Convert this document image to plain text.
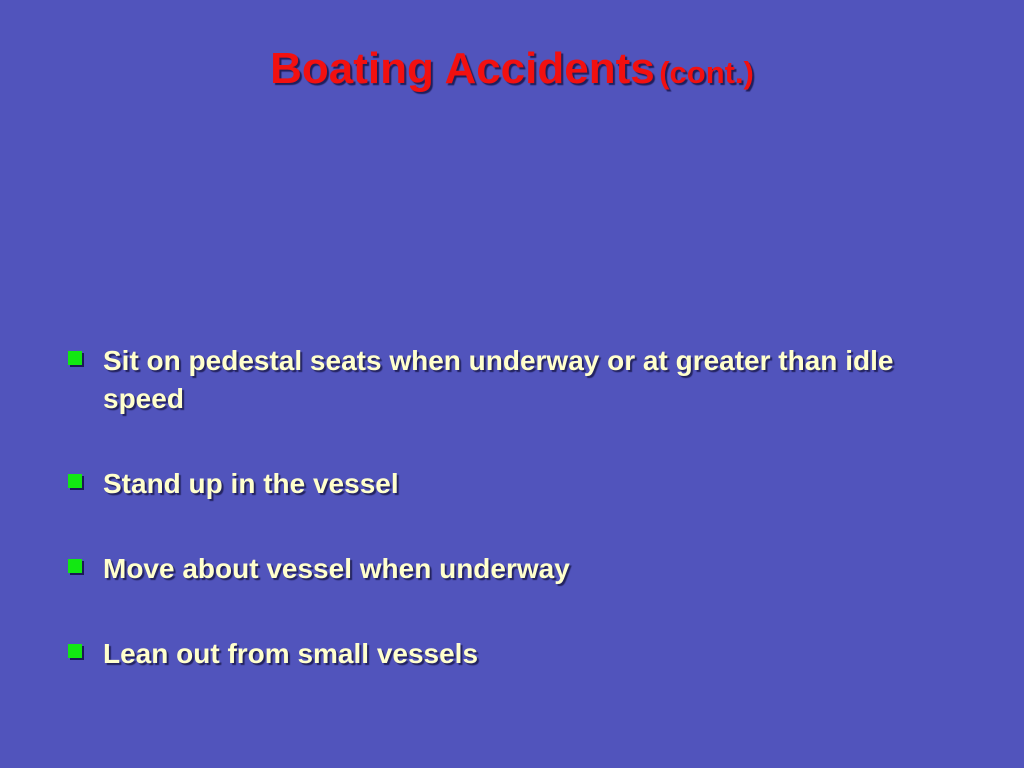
Boating Accidents (cont.)
Sit on pedestal seats when underway or at greater than idle speed
Stand up in the vessel
Move about vessel when underway
Lean out from small vessels
